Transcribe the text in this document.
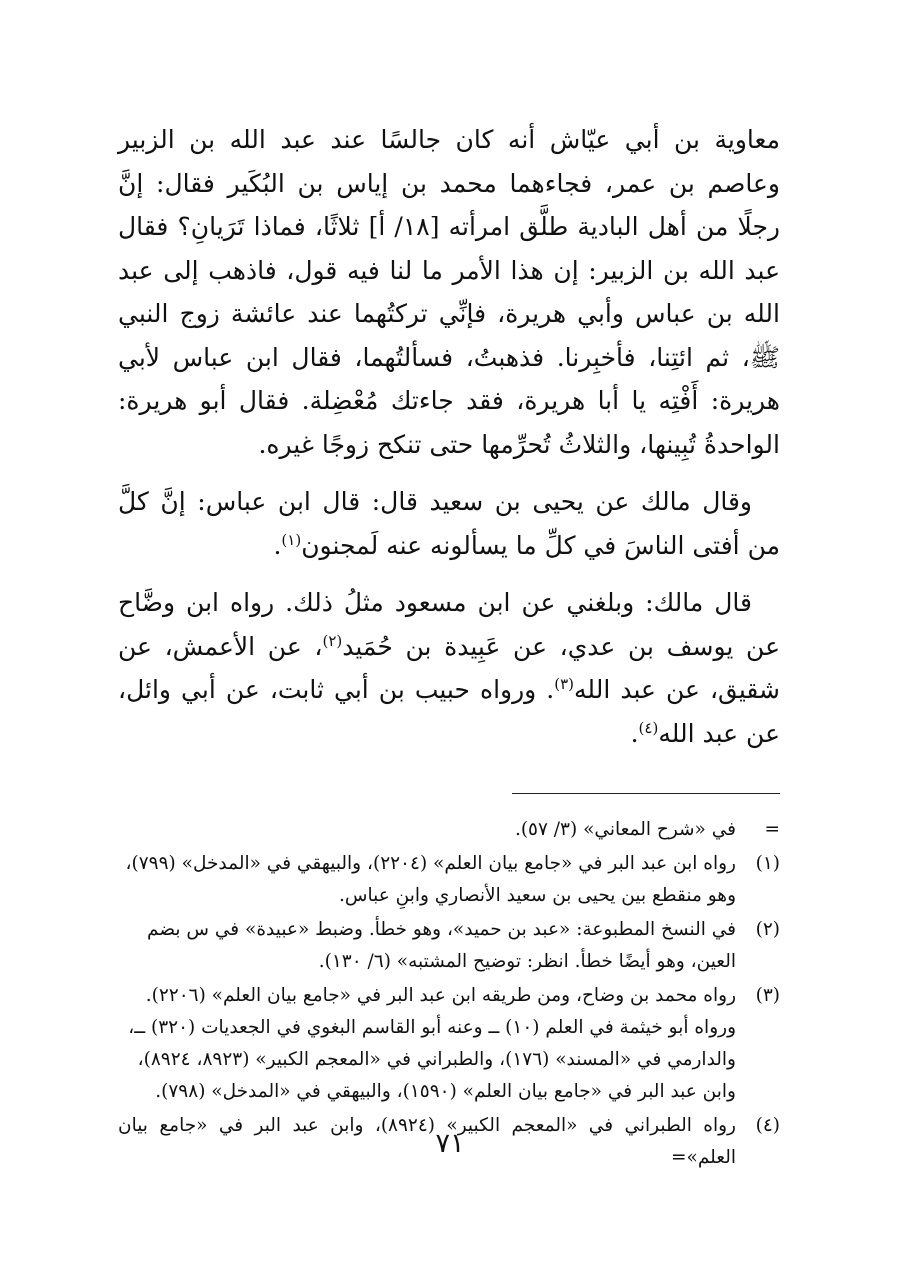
معاوية بن أبي عيّاش أنه كان جالسًا عند عبد الله بن الزبير وعاصم بن عمر، فجاءهما محمد بن إياس بن البُكَير فقال: إنَّ رجلًا من أهل البادية طلَّق امرأته [١٨/ أ] ثلاثًا، فماذا تَرَيانِ؟ فقال عبد الله بن الزبير: إن هذا الأمر ما لنا فيه قول، فاذهب إلى عبد الله بن عباس وأبي هريرة، فإنِّي تركتُهما عند عائشة زوج النبي ﷺ، ثم ائتِنا، فأخبِرنا. فذهبتُ، فسألتُهما، فقال ابن عباس لأبي هريرة: أَفْتِه يا أبا هريرة، فقد جاءتك مُعْضِلة. فقال أبو هريرة: الواحدةُ تُبِينها، والثلاثُ تُحرِّمها حتى تنكح زوجًا غيره.

وقال مالك عن يحيى بن سعيد قال: قال ابن عباس: إنَّ كلَّ من أفتى الناسَ في كلِّ ما يسألونه عنه لَمجنون$^{(١)}$.

قال مالك: وبلغني عن ابن مسعود مثلُ ذلك. رواه ابن وضَّاح عن يوسف بن عدي، عن عَبِيدة بن حُمَيد$^{(٢)}$، عن الأعمش، عن شقيق، عن عبد الله$^{(٣)}$. ورواه حبيب بن أبي ثابت، عن أبي وائل، عن عبد الله$^{(٤)}$.

=
في «شرح المعاني» (٣/ ٥٧).
(١)
رواه ابن عبد البر في «جامع بيان العلم» (٢٢٠٤)، والبيهقي في «المدخل» (٧٩٩)،
وهو منقطع بين يحيى بن سعيد الأنصاري وابنِ عباس.
(٢)
في النسخ المطبوعة: «عبد بن حميد»، وهو خطأ. وضبط «عبيدة» في س بضم
العين، وهو أيضًا خطأ. انظر: توضيح المشتبه» (٦/ ١٣٠).
(٣)
رواه محمد بن وضاح، ومن طريقه ابن عبد البر في «جامع بيان العلم» (٢٢٠٦).
ورواه أبو خيثمة في العلم (١٠) ــ وعنه أبو القاسم البغوي في الجعديات (٣٢٠) ــ،
والدارمي في «المسند» (١٧٦)، والطبراني في «المعجم الكبير» (٨٩٢٣، ٨٩٢٤)،
وابن عبد البر في «جامع بيان العلم» (١٥٩٠)، والبيهقي في «المدخل» (٧٩٨).
(٤)
رواه الطبراني في «المعجم الكبير» (٨٩٢٤)، وابن عبد البر في «جامع بيان العلم»=
٧١
